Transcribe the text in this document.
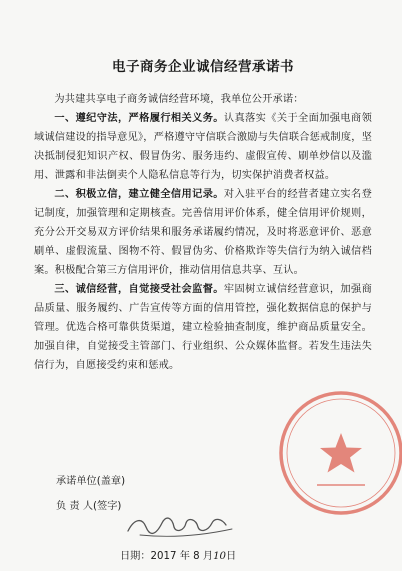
电子商务企业诚信经营承诺书

为共建共享电子商务诚信经营环境，我单位公开承诺：

一、遵纪守法，严格履行相关义务。认真落实《关于全面加强电商领域诚信建设的指导意见》，严格遵守守信联合激励与失信联合惩戒制度，坚决抵制侵犯知识产权、假冒伪劣、服务违约、虚假宣传、刷单炒信以及滥用、泄露和非法倒卖个人隐私信息等行为，切实保护消费者权益。

二、积极立信，建立健全信用记录。对入驻平台的经营者建立实名登记制度，加强管理和定期核查。完善信用评价体系，健全信用评价规则，充分公开交易双方评价结果和服务承诺履约情况，及时将恶意评价、恶意刷单、虚假流量、图物不符、假冒伪劣、价格欺诈等失信行为纳入诚信档案。积极配合第三方信用评价，推动信用信息共享、互认。

三、诚信经营，自觉接受社会监督。牢固树立诚信经营意识，加强商品质量、服务履约、广告宣传等方面的信用管控，强化数据信息的保护与管理。优选合格可靠供货渠道，建立检验抽查制度，维护商品质量安全。加强自律，自觉接受主管部门、行业组织、公众媒体监督。若发生违法失信行为，自愿接受约束和惩戒。

承诺单位(盖章)
负 责 人(签字)
日期：2017 年 8 月10日
